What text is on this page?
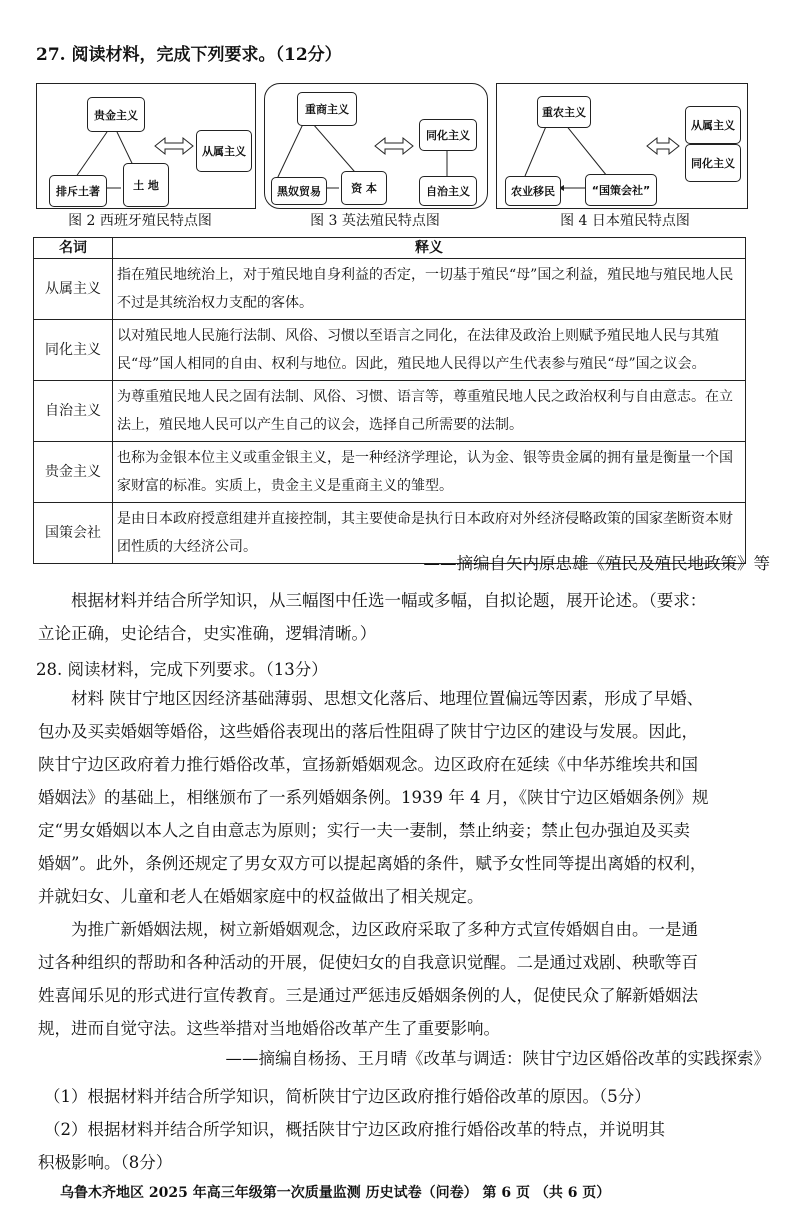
27. 阅读材料，完成下列要求。（12分）
贵金主义
排斥土著	土 地
从属主义
图 2 西班牙殖民特点图
重商主义
黑奴贸易	资 本
同化主义
自治主义
图 3 英法殖民特点图
重农主义
农业移民	“国策会社”
从属主义
同化主义
图 4 日本殖民特点图
名词	释义
从属主义	指在殖民地统治上，对于殖民地自身利益的否定，一切基于殖民“母”国之利益，殖民地与殖民地人民不过是其统治权力支配的客体。
同化主义	以对殖民地人民施行法制、风俗、习惯以至语言之同化，在法律及政治上则赋予殖民地人民与其殖民“母”国人相同的自由、权利与地位。因此，殖民地人民得以产生代表参与殖民“母”国之议会。
自治主义	为尊重殖民地人民之固有法制、风俗、习惯、语言等，尊重殖民地人民之政治权利与自由意志。在立法上，殖民地人民可以产生自己的议会，选择自己所需要的法制。
贵金主义	也称为金银本位主义或重金银主义，是一种经济学理论，认为金、银等贵金属的拥有量是衡量一个国家财富的标准。实质上，贵金主义是重商主义的雏型。
国策会社	是由日本政府授意组建并直接控制，其主要使命是执行日本政府对外经济侵略政策的国家垄断资本财团性质的大经济公司。
——摘编自矢内原忠雄《殖民及殖民地政策》等
根据材料并结合所学知识，从三幅图中任选一幅或多幅，自拟论题，展开论述。（要求：
立论正确，史论结合，史实准确，逻辑清晰。）
28. 阅读材料，完成下列要求。（13分）
　　材料 陕甘宁地区因经济基础薄弱、思想文化落后、地理位置偏远等因素，形成了早婚、
包办及买卖婚姻等婚俗，这些婚俗表现出的落后性阻碍了陕甘宁边区的建设与发展。因此，
陕甘宁边区政府着力推行婚俗改革，宣扬新婚姻观念。边区政府在延续《中华苏维埃共和国
婚姻法》的基础上，相继颁布了一系列婚姻条例。1939 年 4 月，《陕甘宁边区婚姻条例》规
定“男女婚姻以本人之自由意志为原则；实行一夫一妻制，禁止纳妾；禁止包办强迫及买卖
婚姻”。此外，条例还规定了男女双方可以提起离婚的条件，赋予女性同等提出离婚的权利，
并就妇女、儿童和老人在婚姻家庭中的权益做出了相关规定。
　　为推广新婚姻法规，树立新婚姻观念，边区政府采取了多种方式宣传婚姻自由。一是通
过各种组织的帮助和各种活动的开展，促使妇女的自我意识觉醒。二是通过戏剧、秧歌等百
姓喜闻乐见的形式进行宣传教育。三是通过严惩违反婚姻条例的人，促使民众了解新婚姻法
规，进而自觉守法。这些举措对当地婚俗改革产生了重要影响。
——摘编自杨扬、王月晴《改革与调适：陕甘宁边区婚俗改革的实践探索》
（1）根据材料并结合所学知识，简析陕甘宁边区政府推行婚俗改革的原因。（5分）
（2）根据材料并结合所学知识，概括陕甘宁边区政府推行婚俗改革的特点，并说明其
积极影响。（8分）
乌鲁木齐地区 2025 年高三年级第一次质量监测 历史试卷（问卷） 第 6 页 （共 6 页）
